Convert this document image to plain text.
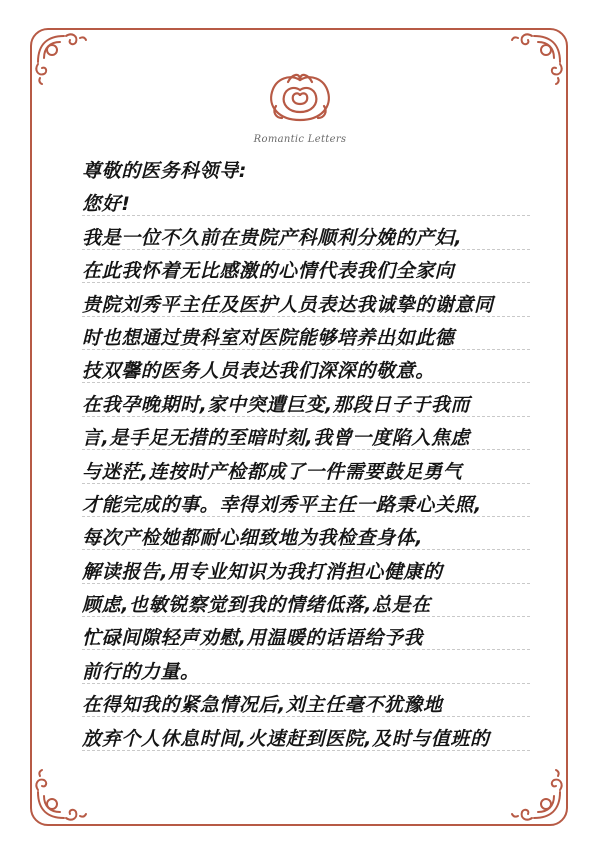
Romantic Letters
尊敬的医务科领导:
您好!
我是一位不久前在贵院产科顺利分娩的产妇,
在此我怀着无比感激的心情代表我们全家向
贵院刘秀平主任及医护人员表达我诚挚的谢意同
时也想通过贵科室对医院能够培养出如此德
技双馨的医务人员表达我们深深的敬意。
在我孕晚期时,家中突遭巨变,那段日子于我而
言,是手足无措的至暗时刻,我曾一度陷入焦虑
与迷茫,连按时产检都成了一件需要鼓足勇气
才能完成的事。幸得刘秀平主任一路秉心关照,
每次产检她都耐心细致地为我检查身体,
解读报告,用专业知识为我打消担心健康的
顾虑,也敏锐察觉到我的情绪低落,总是在
忙碌间隙轻声劝慰,用温暖的话语给予我
前行的力量。
在得知我的紧急情况后,刘主任毫不犹豫地
放弃个人休息时间,火速赶到医院,及时与值班的
